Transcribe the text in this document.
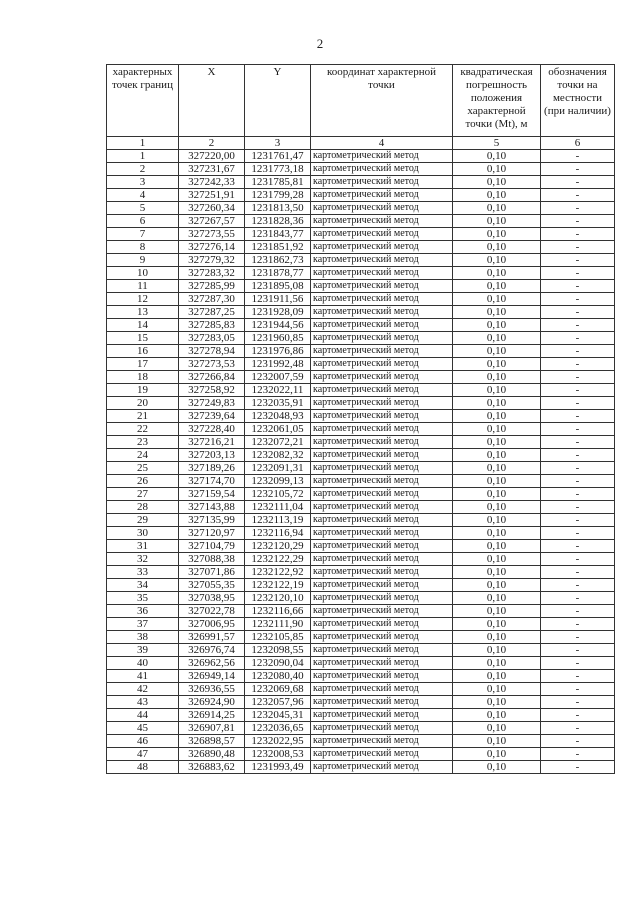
2
характерных точек границ	X	Y	координат характерной точки	квадратическая погрешность положения характерной точки (Mt), м	обозначения точки на местности (при наличии)
1	2	3	4	5	6
1	327220,00	1231761,47	картометрический метод	0,10	-
2	327231,67	1231773,18	картометрический метод	0,10	-
3	327242,33	1231785,81	картометрический метод	0,10	-
4	327251,91	1231799,28	картометрический метод	0,10	-
5	327260,34	1231813,50	картометрический метод	0,10	-
6	327267,57	1231828,36	картометрический метод	0,10	-
7	327273,55	1231843,77	картометрический метод	0,10	-
8	327276,14	1231851,92	картометрический метод	0,10	-
9	327279,32	1231862,73	картометрический метод	0,10	-
10	327283,32	1231878,77	картометрический метод	0,10	-
11	327285,99	1231895,08	картометрический метод	0,10	-
12	327287,30	1231911,56	картометрический метод	0,10	-
13	327287,25	1231928,09	картометрический метод	0,10	-
14	327285,83	1231944,56	картометрический метод	0,10	-
15	327283,05	1231960,85	картометрический метод	0,10	-
16	327278,94	1231976,86	картометрический метод	0,10	-
17	327273,53	1231992,48	картометрический метод	0,10	-
18	327266,84	1232007,59	картометрический метод	0,10	-
19	327258,92	1232022,11	картометрический метод	0,10	-
20	327249,83	1232035,91	картометрический метод	0,10	-
21	327239,64	1232048,93	картометрический метод	0,10	-
22	327228,40	1232061,05	картометрический метод	0,10	-
23	327216,21	1232072,21	картометрический метод	0,10	-
24	327203,13	1232082,32	картометрический метод	0,10	-
25	327189,26	1232091,31	картометрический метод	0,10	-
26	327174,70	1232099,13	картометрический метод	0,10	-
27	327159,54	1232105,72	картометрический метод	0,10	-
28	327143,88	1232111,04	картометрический метод	0,10	-
29	327135,99	1232113,19	картометрический метод	0,10	-
30	327120,97	1232116,94	картометрический метод	0,10	-
31	327104,79	1232120,29	картометрический метод	0,10	-
32	327088,38	1232122,29	картометрический метод	0,10	-
33	327071,86	1232122,92	картометрический метод	0,10	-
34	327055,35	1232122,19	картометрический метод	0,10	-
35	327038,95	1232120,10	картометрический метод	0,10	-
36	327022,78	1232116,66	картометрический метод	0,10	-
37	327006,95	1232111,90	картометрический метод	0,10	-
38	326991,57	1232105,85	картометрический метод	0,10	-
39	326976,74	1232098,55	картометрический метод	0,10	-
40	326962,56	1232090,04	картометрический метод	0,10	-
41	326949,14	1232080,40	картометрический метод	0,10	-
42	326936,55	1232069,68	картометрический метод	0,10	-
43	326924,90	1232057,96	картометрический метод	0,10	-
44	326914,25	1232045,31	картометрический метод	0,10	-
45	326907,81	1232036,65	картометрический метод	0,10	-
46	326898,57	1232022,95	картометрический метод	0,10	-
47	326890,48	1232008,53	картометрический метод	0,10	-
48	326883,62	1231993,49	картометрический метод	0,10	-
